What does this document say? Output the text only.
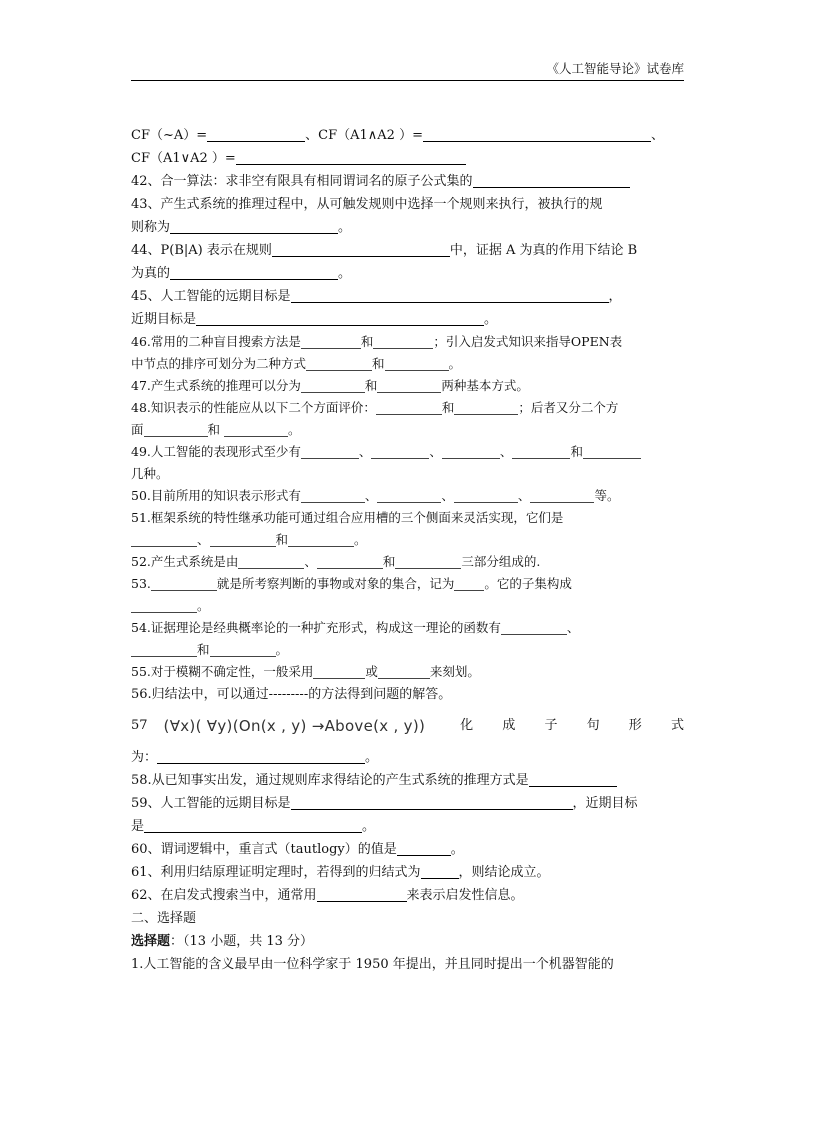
《人工智能导论》试卷库
CF（~A）=	、CF（A1∧A2 ）=	、
CF（A1∨A2 ）=
42、合一算法：求非空有限具有相同谓词名的原子公式集的
43、产生式系统的推理过程中，从可触发规则中选择一个规则来执行，被执行的规
则称为	。
44、P(B|A) 表示在规则	中，证据 A 为真的作用下结论 B
为真的	。
45、人工智能的远期目标是	，
近期目标是	。
46.常用的二种盲目搜索方法是	和	；引入启发式知识来指导OPEN表
中节点的排序可划分为二种方式	和	。
47.产生式系统的推理可以分为	和	两种基本方式。
48.知识表示的性能应从以下二个方面评价：	和	；后者又分二个方
面	和	。
49.人工智能的表现形式至少有	、	、	、	和
几种。
50.目前所用的知识表示形式有	、	、	、	等。
51.框架系统的特性继承功能可通过组合应用槽的三个侧面来灵活实现，它们是
、	和	。
52.产生式系统是由	、	和	三部分组成的.
53.	就是所考察判断的事物或对象的集合，记为 。它的子集构成
。
54.证据理论是经典概率论的一种扩充形式，构成这一理论的函数有	、
和	。
55.对于模糊不确定性，一般采用	或	来刻划。
56.归结法中，可以通过---------的方法得到问题的解答。
57 (∀x)( ∀y)(On(x , y) →Above(x , y))	化 成 子 句 形 式
为：	。
58.从已知事实出发，通过规则库求得结论的产生式系统的推理方式是
59、人工智能的远期目标是	，近期目标
是	。
60、谓词逻辑中，重言式（tautlogy）的值是	。
61、利用归结原理证明定理时，若得到的归结式为	，则结论成立。
62、在启发式搜索当中，通常用	来表示启发性信息。
二、选择题
选择题：（13 小题，共 13 分）
1.人工智能的含义最早由一位科学家于 1950 年提出，并且同时提出一个机器智能的
